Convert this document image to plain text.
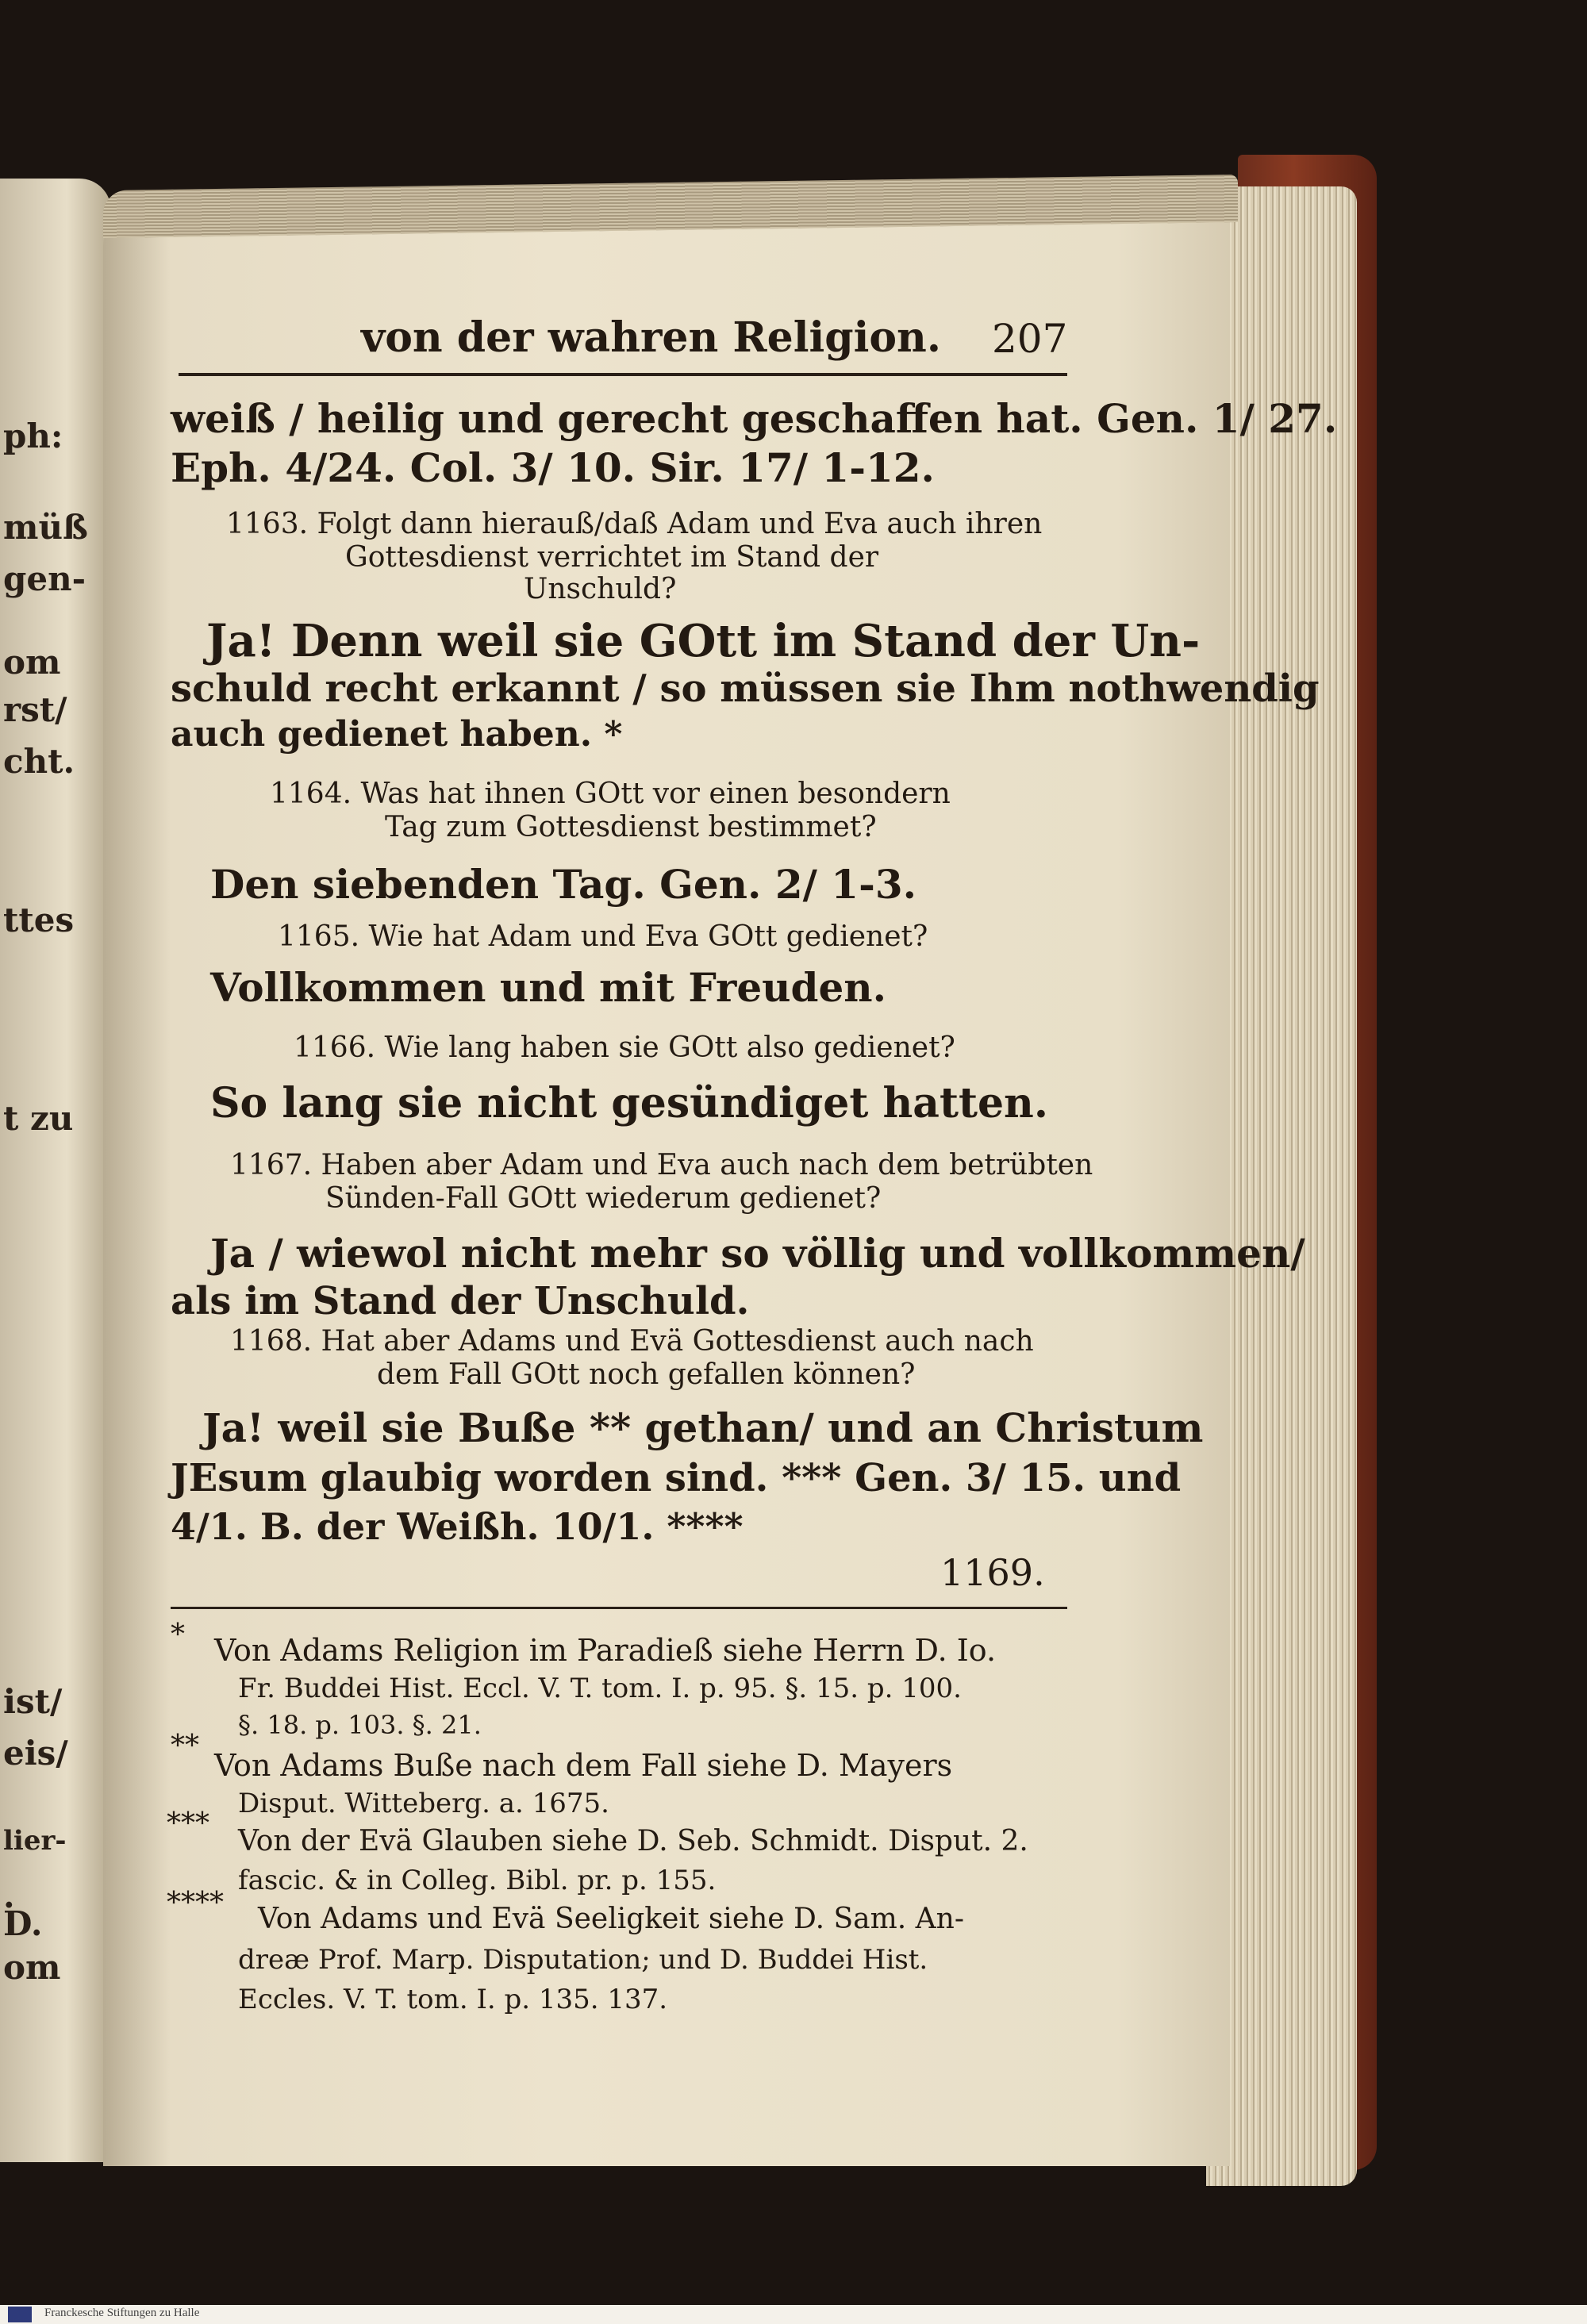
ph:
müß
gen-
om
rst/
cht.
ttes
t zu
ist/
eis/
lier-
.
D.
om
von der wahren Religion. 207
weiß / heilig und gerecht geschaffen hat. Gen. 1/ 27.
Eph. 4/24. Col. 3/ 10. Sir. 17/ 1-12.
1163. Folgt dann hierauß/daß Adam und Eva auch ihren
Gottesdienst verrichtet im Stand der
Unschuld?
Ja! Denn weil sie GOtt im Stand der Un-
schuld recht erkannt / so müssen sie Ihm nothwendig
auch gedienet haben. *
1164. Was hat ihnen GOtt vor einen besondern
Tag zum Gottesdienst bestimmet?
Den siebenden Tag. Gen. 2/ 1-3.
1165. Wie hat Adam und Eva GOtt gedienet?
Vollkommen und mit Freuden.
1166. Wie lang haben sie GOtt also gedienet?
So lang sie nicht gesündiget hatten.
1167. Haben aber Adam und Eva auch nach dem betrübten
Sünden-Fall GOtt wiederum gedienet?
Ja / wiewol nicht mehr so völlig und vollkommen/
als im Stand der Unschuld.
1168. Hat aber Adams und Evä Gottesdienst auch nach
dem Fall GOtt noch gefallen können?
Ja! weil sie Buße ** gethan/ und an Christum
JEsum glaubig worden sind. *** Gen. 3/ 15. und
4/1. B. der Weißh. 10/1. ****
1169.
* Von Adams Religion im Paradieß siehe Herrn D. Io.
Fr. Buddei Hist. Eccl. V. T. tom. I. p. 95. §. 15. p. 100.
§. 18. p. 103. §. 21.
**
Von Adams Buße nach dem Fall siehe D. Mayers
Disput. Witteberg. a. 1675.
***
Von der Evä Glauben siehe D. Seb. Schmidt. Disput. 2.
fascic. & in Colleg. Bibl. pr. p. 155.
**** Von Adams und Evä Seeligkeit siehe D. Sam. An-
dreæ Prof. Marp. Disputation; und D. Buddei Hist.
Eccles. V. T. tom. I. p. 135. 137.
Franckesche Stiftungen zu Halle
